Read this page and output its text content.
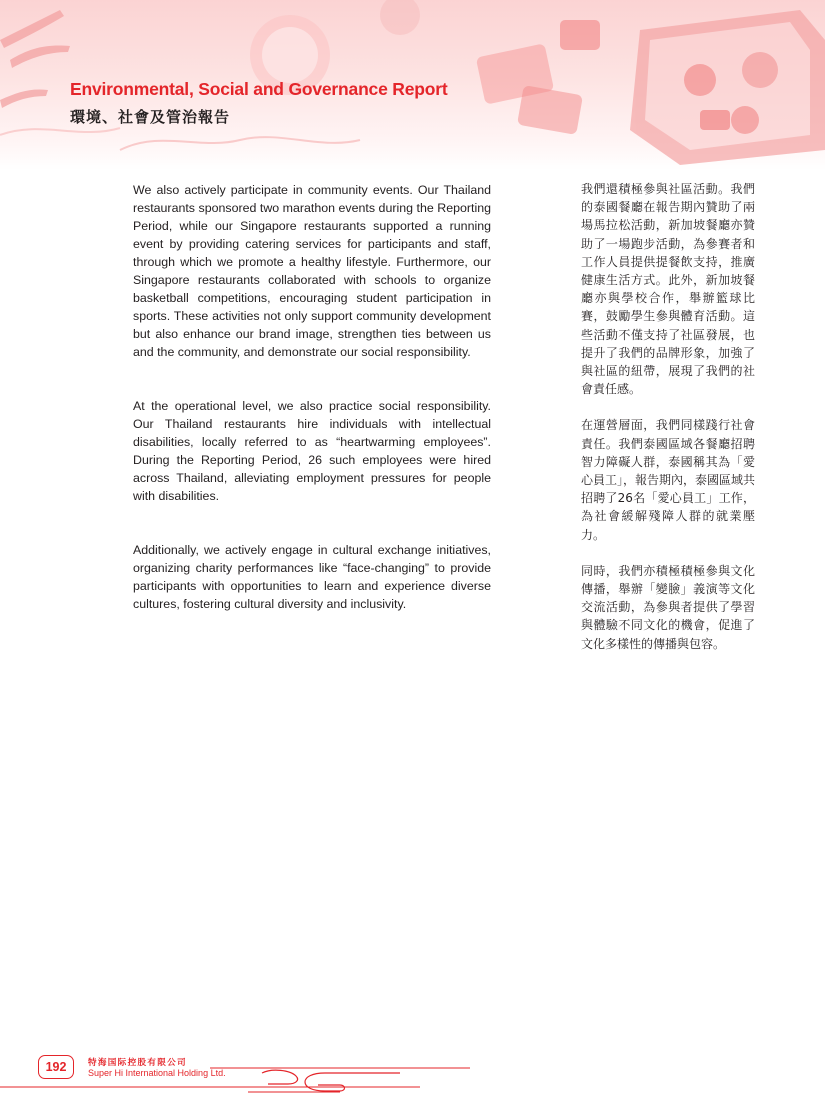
Environmental, Social and Governance Report
環境、社會及管治報告

We also actively participate in community events. Our Thailand restaurants sponsored two marathon events during the Reporting Period, while our Singapore restaurants supported a running event by providing catering services for participants and staff, through which we promote a healthy lifestyle. Furthermore, our Singapore restaurants collaborated with schools to organize basketball competitions, encouraging student participation in sports. These activities not only support community development but also enhance our brand image, strengthen ties between us and the community, and demonstrate our social responsibility.

At the operational level, we also practice social responsibility. Our Thailand restaurants hire individuals with intellectual disabilities, locally referred to as “heartwarming employees”. During the Reporting Period, 26 such employees were hired across Thailand, alleviating employment pressures for people with disabilities.

Additionally, we actively engage in cultural exchange initiatives, organizing charity performances like “face-changing” to provide participants with opportunities to learn and experience diverse cultures, fostering cultural diversity and inclusivity.

我們還積極參與社區活動。我們的泰國餐廳在報告期內贊助了兩場馬拉松活動，新加坡餐廳亦贊助了一場跑步活動，為參賽者和工作人員提供提餐飲支持，推廣健康生活方式。此外，新加坡餐廳亦與學校合作，舉辦籃球比賽，鼓勵學生參與體育活動。這些活動不僅支持了社區發展，也提升了我們的品牌形象，加強了與社區的紐帶，展現了我們的社會責任感。

在運營層面，我們同樣踐行社會責任。我們泰國區域各餐廳招聘智力障礙人群，泰國稱其為「愛心員工」，報告期內，泰國區域共招聘了26名「愛心員工」工作，為社會緩解殘障人群的就業壓力。

同時，我們亦積極積極參與文化傳播，舉辦「變臉」義演等文化交流活動，為參與者提供了學習與體驗不同文化的機會，促進了文化多樣性的傳播與包容。

192	特海国际控股有限公司

Super Hi International Holding Ltd.
